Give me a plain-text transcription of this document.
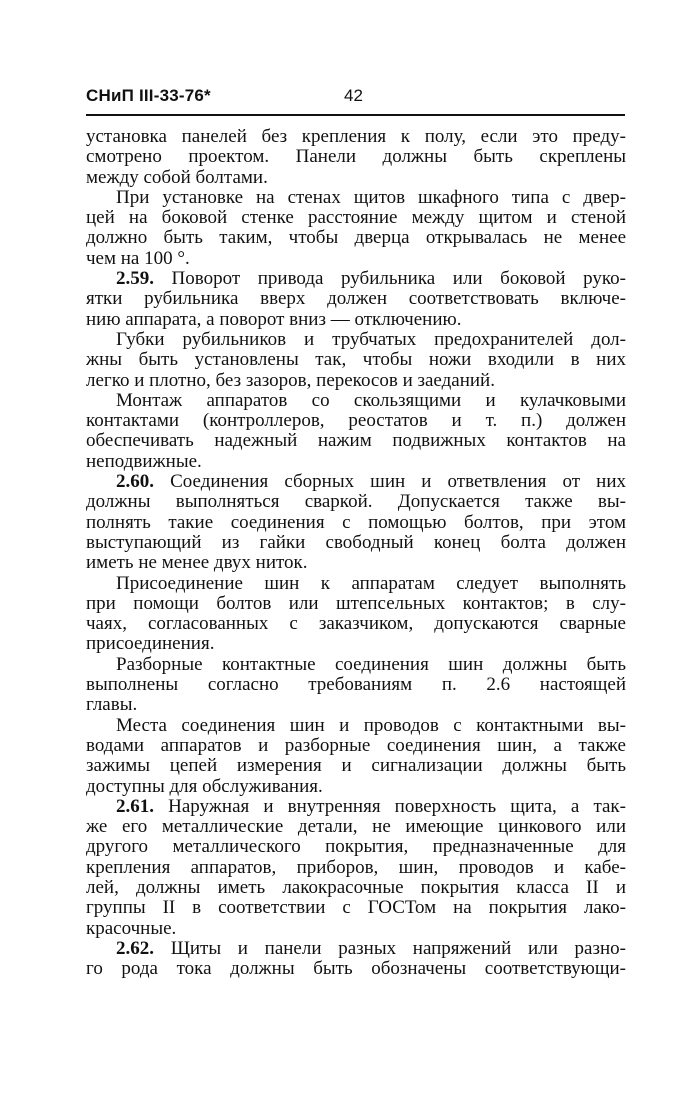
СНиП III-33-76*	42
установка панелей без крепления к полу, если это преду-
смотрено проектом. Панели должны быть скреплены
между собой болтами.
При установке на стенах щитов шкафного типа с двер-
цей на боковой стенке расстояние между щитом и стеной
должно быть таким, чтобы дверца открывалась не менее
чем на 100 °.
2.59. Поворот привода рубильника или боковой руко-
ятки рубильника вверх должен соответствовать включе-
нию аппарата, а поворот вниз — отключению.
Губки рубильников и трубчатых предохранителей дол-
жны быть установлены так, чтобы ножи входили в них
легко и плотно, без зазоров, перекосов и заеданий.
Монтаж аппаратов со скользящими и кулачковыми
контактами (контроллеров, реостатов и т. п.) должен
обеспечивать надежный нажим подвижных контактов на
неподвижные.
2.60. Соединения сборных шин и ответвления от них
должны выполняться сваркой. Допускается также вы-
полнять такие соединения с помощью болтов, при этом
выступающий из гайки свободный конец болта должен
иметь не менее двух ниток.
Присоединение шин к аппаратам следует выполнять
при помощи болтов или штепсельных контактов; в слу-
чаях, согласованных с заказчиком, допускаются сварные
присоединения.
Разборные контактные соединения шин должны быть
выполнены согласно требованиям п. 2.6 настоящей
главы.
Места соединения шин и проводов с контактными вы-
водами аппаратов и разборные соединения шин, а также
зажимы цепей измерения и сигнализации должны быть
доступны для обслуживания.
2.61. Наружная и внутренняя поверхность щита, а так-
же его металлические детали, не имеющие цинкового или
другого металлического покрытия, предназначенные для
крепления аппаратов, приборов, шин, проводов и кабе-
лей, должны иметь лакокрасочные покрытия класса II и
группы II в соответствии с ГОСТом на покрытия лако-
красочные.
2.62. Щиты и панели разных напряжений или разно-
го рода тока должны быть обозначены соответствующи-
